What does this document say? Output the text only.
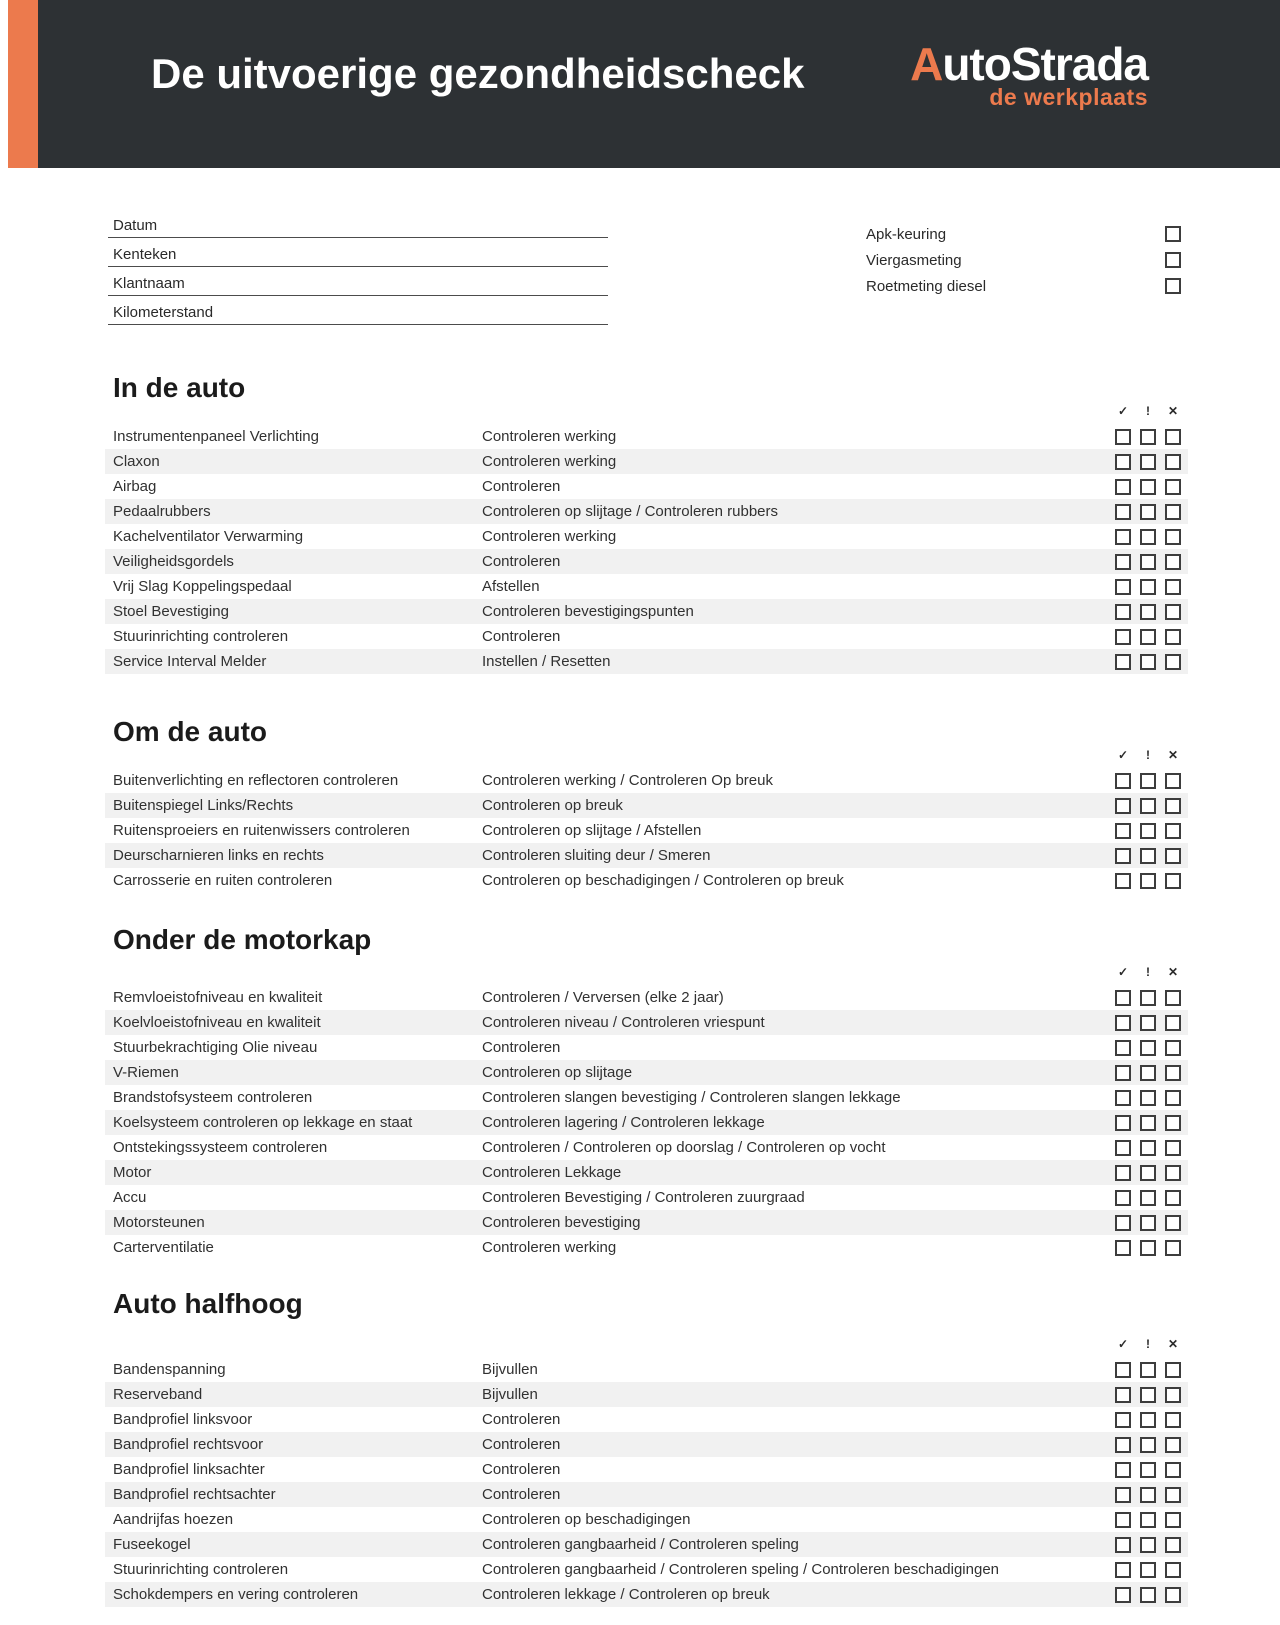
De uitvoerige gezondheidscheck AutoStrada
de werkplaats
Datum
Kenteken
Klantnaam
Kilometerstand
Apk-keuring
Viergasmeting
Roetmeting diesel
In de auto
✓	!	✕
Instrumentenpaneel Verlichting	Controleren werking
Claxon	Controleren werking
Airbag	Controleren
Pedaalrubbers	Controleren op slijtage / Controleren rubbers
Kachelventilator Verwarming	Controleren werking
Veiligheidsgordels	Controleren
Vrij Slag Koppelingspedaal	Afstellen
Stoel Bevestiging	Controleren bevestigingspunten
Stuurinrichting controleren	Controleren
Service Interval Melder	Instellen / Resetten
Om de auto
✓	!	✕
Buitenverlichting en reflectoren controleren	Controleren werking / Controleren Op breuk
Buitenspiegel Links/Rechts	Controleren op breuk
Ruitensproeiers en ruitenwissers controleren	Controleren op slijtage / Afstellen
Deurscharnieren links en rechts	Controleren sluiting deur / Smeren
Carrosserie en ruiten controleren	Controleren op beschadigingen / Controleren op breuk
Onder de motorkap
✓	!	✕
Remvloeistofniveau en kwaliteit	Controleren / Verversen (elke 2 jaar)
Koelvloeistofniveau en kwaliteit	Controleren niveau / Controleren vriespunt
Stuurbekrachtiging Olie niveau	Controleren
V-Riemen	Controleren op slijtage
Brandstofsysteem controleren	Controleren slangen bevestiging / Controleren slangen lekkage
Koelsysteem controleren op lekkage en staat	Controleren lagering / Controleren lekkage
Ontstekingssysteem controleren	Controleren / Controleren op doorslag / Controleren op vocht
Motor	Controleren Lekkage
Accu	Controleren Bevestiging / Controleren zuurgraad
Motorsteunen	Controleren bevestiging
Carterventilatie	Controleren werking
Auto halfhoog
✓	!	✕
Bandenspanning	Bijvullen
Reserveband	Bijvullen
Bandprofiel linksvoor	Controleren
Bandprofiel rechtsvoor	Controleren
Bandprofiel linksachter	Controleren
Bandprofiel rechtsachter	Controleren
Aandrijfas hoezen	Controleren op beschadigingen
Fuseekogel	Controleren gangbaarheid / Controleren speling
Stuurinrichting controleren	Controleren gangbaarheid / Controleren speling / Controleren beschadigingen
Schokdempers en vering controleren	Controleren lekkage / Controleren op breuk
